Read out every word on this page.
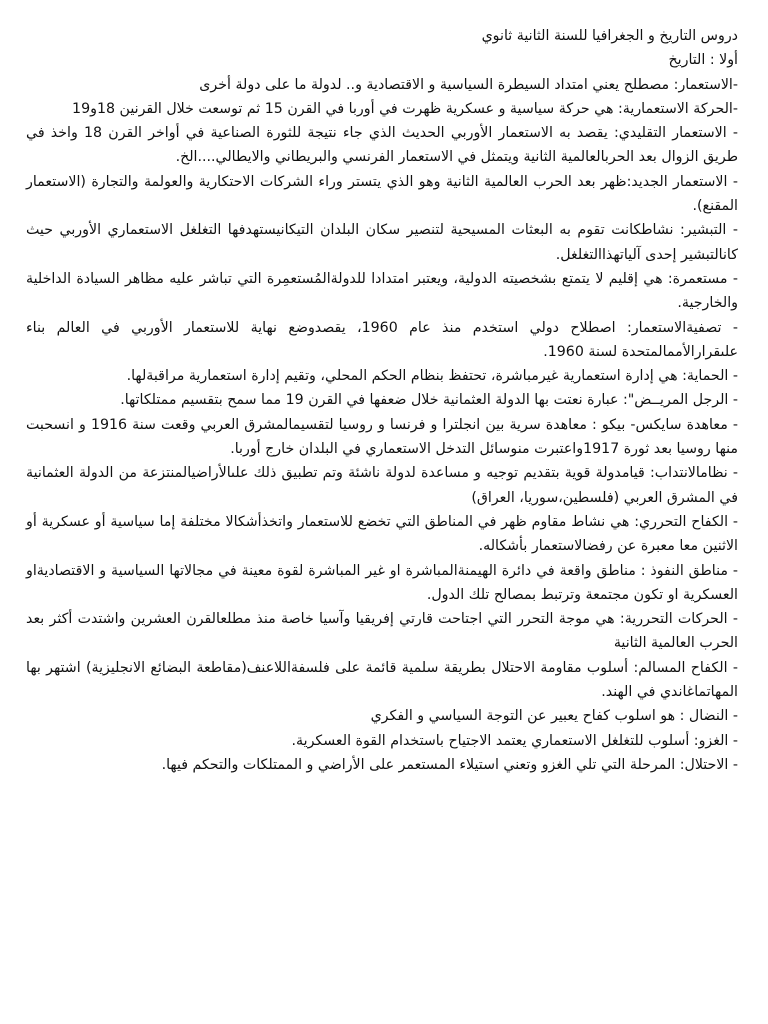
دروس التاريخ و الجغرافيا للسنة الثانية ثانوي

أولا : التاريخ

-الاستعمار: مصطلح يعني امتداد السيطرة السياسية و الاقتصادية و.. لدولة ما على دولة أخرى

-الحركة الاستعمارية: هي حركة سياسية و عسكرية ظهرت في أوربا في القرن 15 ثم توسعت خلال القرنين 18و19

- الاستعمار التقليدي: يقصد به الاستعمار الأوربي الحديث الذي جاء نتيجة للثورة الصناعية في أواخر القرن 18 واخذ في طريق الزوال بعد الحربالعالمية الثانية ويتمثل في الاستعمار الفرنسي والبريطاني والايطالي....الخ.

- الاستعمار الجديد:ظهر بعد الحرب العالمية الثانية وهو الذي يتستر وراء الشركات الاحتكارية والعولمة والتجارة (الاستعمار المقنع).

- التبشير: نشاطكانت تقوم به البعثات المسيحية لتنصير سكان البلدان التيكانيستهدفها التغلغل الاستعماري الأوربي حيث كانالتبشير إحدى آلياتهذاالتغلغل.

- مستعمرة: هي إقليم لا يتمتع بشخصيته الدولية، ويعتبر امتدادا للدولةالمُستعمِرة التي تباشر عليه مظاهر السيادة الداخلية والخارجية.

- تصفيةالاستعمار: اصطلاح دولي استخدم منذ عام 1960، يقصدوضع نهاية للاستعمار الأوربي في العالم بناء علىقرارالأممالمتحدة لسنة 1960.

- الحماية: هي إدارة استعمارية غيرمباشرة، تحتفظ بنظام الحكم المحلي، وتقيم إدارة استعمارية مراقبةلها.

- الرجل المريــض": عبارة نعتت بها الدولة العثمانية خلال ضعفها في القرن 19 مما سمح بتقسيم ممتلكاتها.

- معاهدة سايكس- بيكو : معاهدة سرية بين انجلترا و فرنسا و روسيا لتقسيمالمشرق العربي وقعت سنة 1916 و انسحبت منها روسيا بعد ثورة 1917واعتبرت منوسائل التدخل الاستعماري في البلدان خارج أوربا.

- نظامالانتداب: قيامدولة قوية بتقديم توجيه و مساعدة لدولة ناشئة وتم تطبيق ذلك علىالأراضيالمنتزعة من الدولة العثمانية في المشرق العربي (فلسطين،سوريا، العراق)

- الكفاح التحرري: هي نشاط مقاوم ظهر في المناطق التي تخضع للاستعمار واتخذأشكالا مختلفة إما سياسية أو عسكرية أو الاثنين معا معبرة عن رفضالاستعمار بأشكاله.

- مناطق النفوذ : مناطق واقعة في دائرة الهيمنةالمباشرة او غير المباشرة لقوة معينة في مجالاتها السياسية و الاقتصاديةاو العسكرية او تكون مجتمعة وترتبط بمصالح تلك الدول.

- الحركات التحررية: هي موجة التحرر التي اجتاحت قارتي إفريقيا وآسيا خاصة منذ مطلعالقرن العشرين واشتدت أكثر بعد الحرب العالمية الثانية

- الكفاح المسالم: أسلوب مقاومة الاحتلال بطريقة سلمية قائمة على فلسفةاللاعنف(مقاطعة البضائع الانجليزية) اشتهر بها المهاتماغاندي في الهند.

- النضال : هو اسلوب كفاح يعبير عن التوجة السياسي و الفكري

- الغزو: أسلوب للتغلغل الاستعماري يعتمد الاجتياح باستخدام القوة العسكرية.

- الاحتلال: المرحلة التي تلي الغزو وتعني استيلاء المستعمر على الأراضي و الممتلكات والتحكم فيها.
